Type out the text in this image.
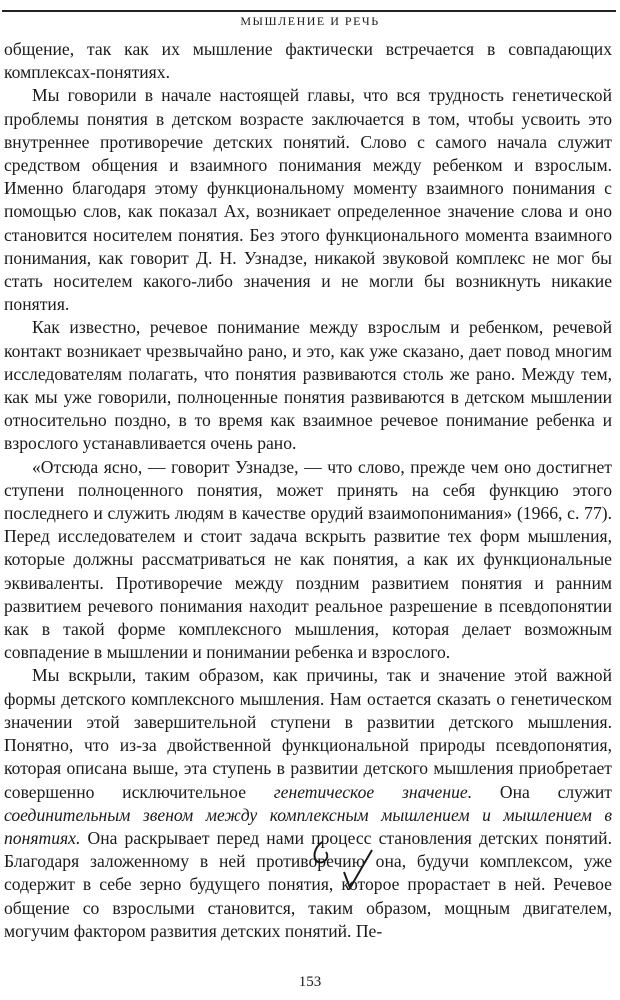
МЫШЛЕНИЕ И РЕЧЬ

общение, так как их мышление фактически встречается в совпадающих комплексах-понятиях.

Мы говорили в начале настоящей главы, что вся трудность генетической проблемы понятия в детском возрасте заключается в том, чтобы усвоить это внутреннее противоречие детских понятий. Слово с самого начала служит средством общения и взаимного понимания между ребенком и взрослым. Именно благодаря этому функциональному моменту взаимного понимания с помощью слов, как показал Ах, возникает определенное значение слова и оно становится носителем понятия. Без этого функционального момента взаимного понимания, как говорит Д. Н. Узнадзе, никакой звуковой комплекс не мог бы стать носителем какого-либо значения и не могли бы возникнуть никакие понятия.

Как известно, речевое понимание между взрослым и ребенком, речевой контакт возникает чрезвычайно рано, и это, как уже сказано, дает повод многим исследователям полагать, что понятия развиваются столь же рано. Между тем, как мы уже говорили, полноценные понятия развиваются в детском мышлении относительно поздно, в то время как взаимное речевое понимание ребенка и взрослого устанавливается очень рано.

«Отсюда ясно, — говорит Узнадзе, — что слово, прежде чем оно достигнет ступени полноценного понятия, может принять на себя функцию этого последнего и служить людям в качестве орудий взаимопонимания» (1966, с. 77). Перед исследователем и стоит задача вскрыть развитие тех форм мышления, которые должны рассматриваться не как понятия, а как их функциональные эквиваленты. Противоречие между поздним развитием понятия и ранним развитием речевого понимания находит реальное разрешение в псевдопонятии как в такой форме комплексного мышления, которая делает возможным совпадение в мышлении и понимании ребенка и взрослого.

Мы вскрыли, таким образом, как причины, так и значение этой важной формы детского комплексного мышления. Нам остается сказать о генетическом значении этой завершительной ступени в развитии детского мышления. Понятно, что из-за двойственной функциональной природы псевдопонятия, которая описана выше, эта ступень в развитии детского мышления приобретает совершенно исключительное генетическое значение. Она служит соединительным звеном между комплексным мышлением и мышлением в понятиях. Она раскрывает перед нами процесс становления детских понятий. Благодаря заложенному в ней противоречию она, будучи комплексом, уже содержит в себе зерно будущего понятия, которое прорастает в ней. Речевое общение со взрослыми становится, таким образом, мощным двигателем, могучим фактором развития детских понятий. Пе-

153
